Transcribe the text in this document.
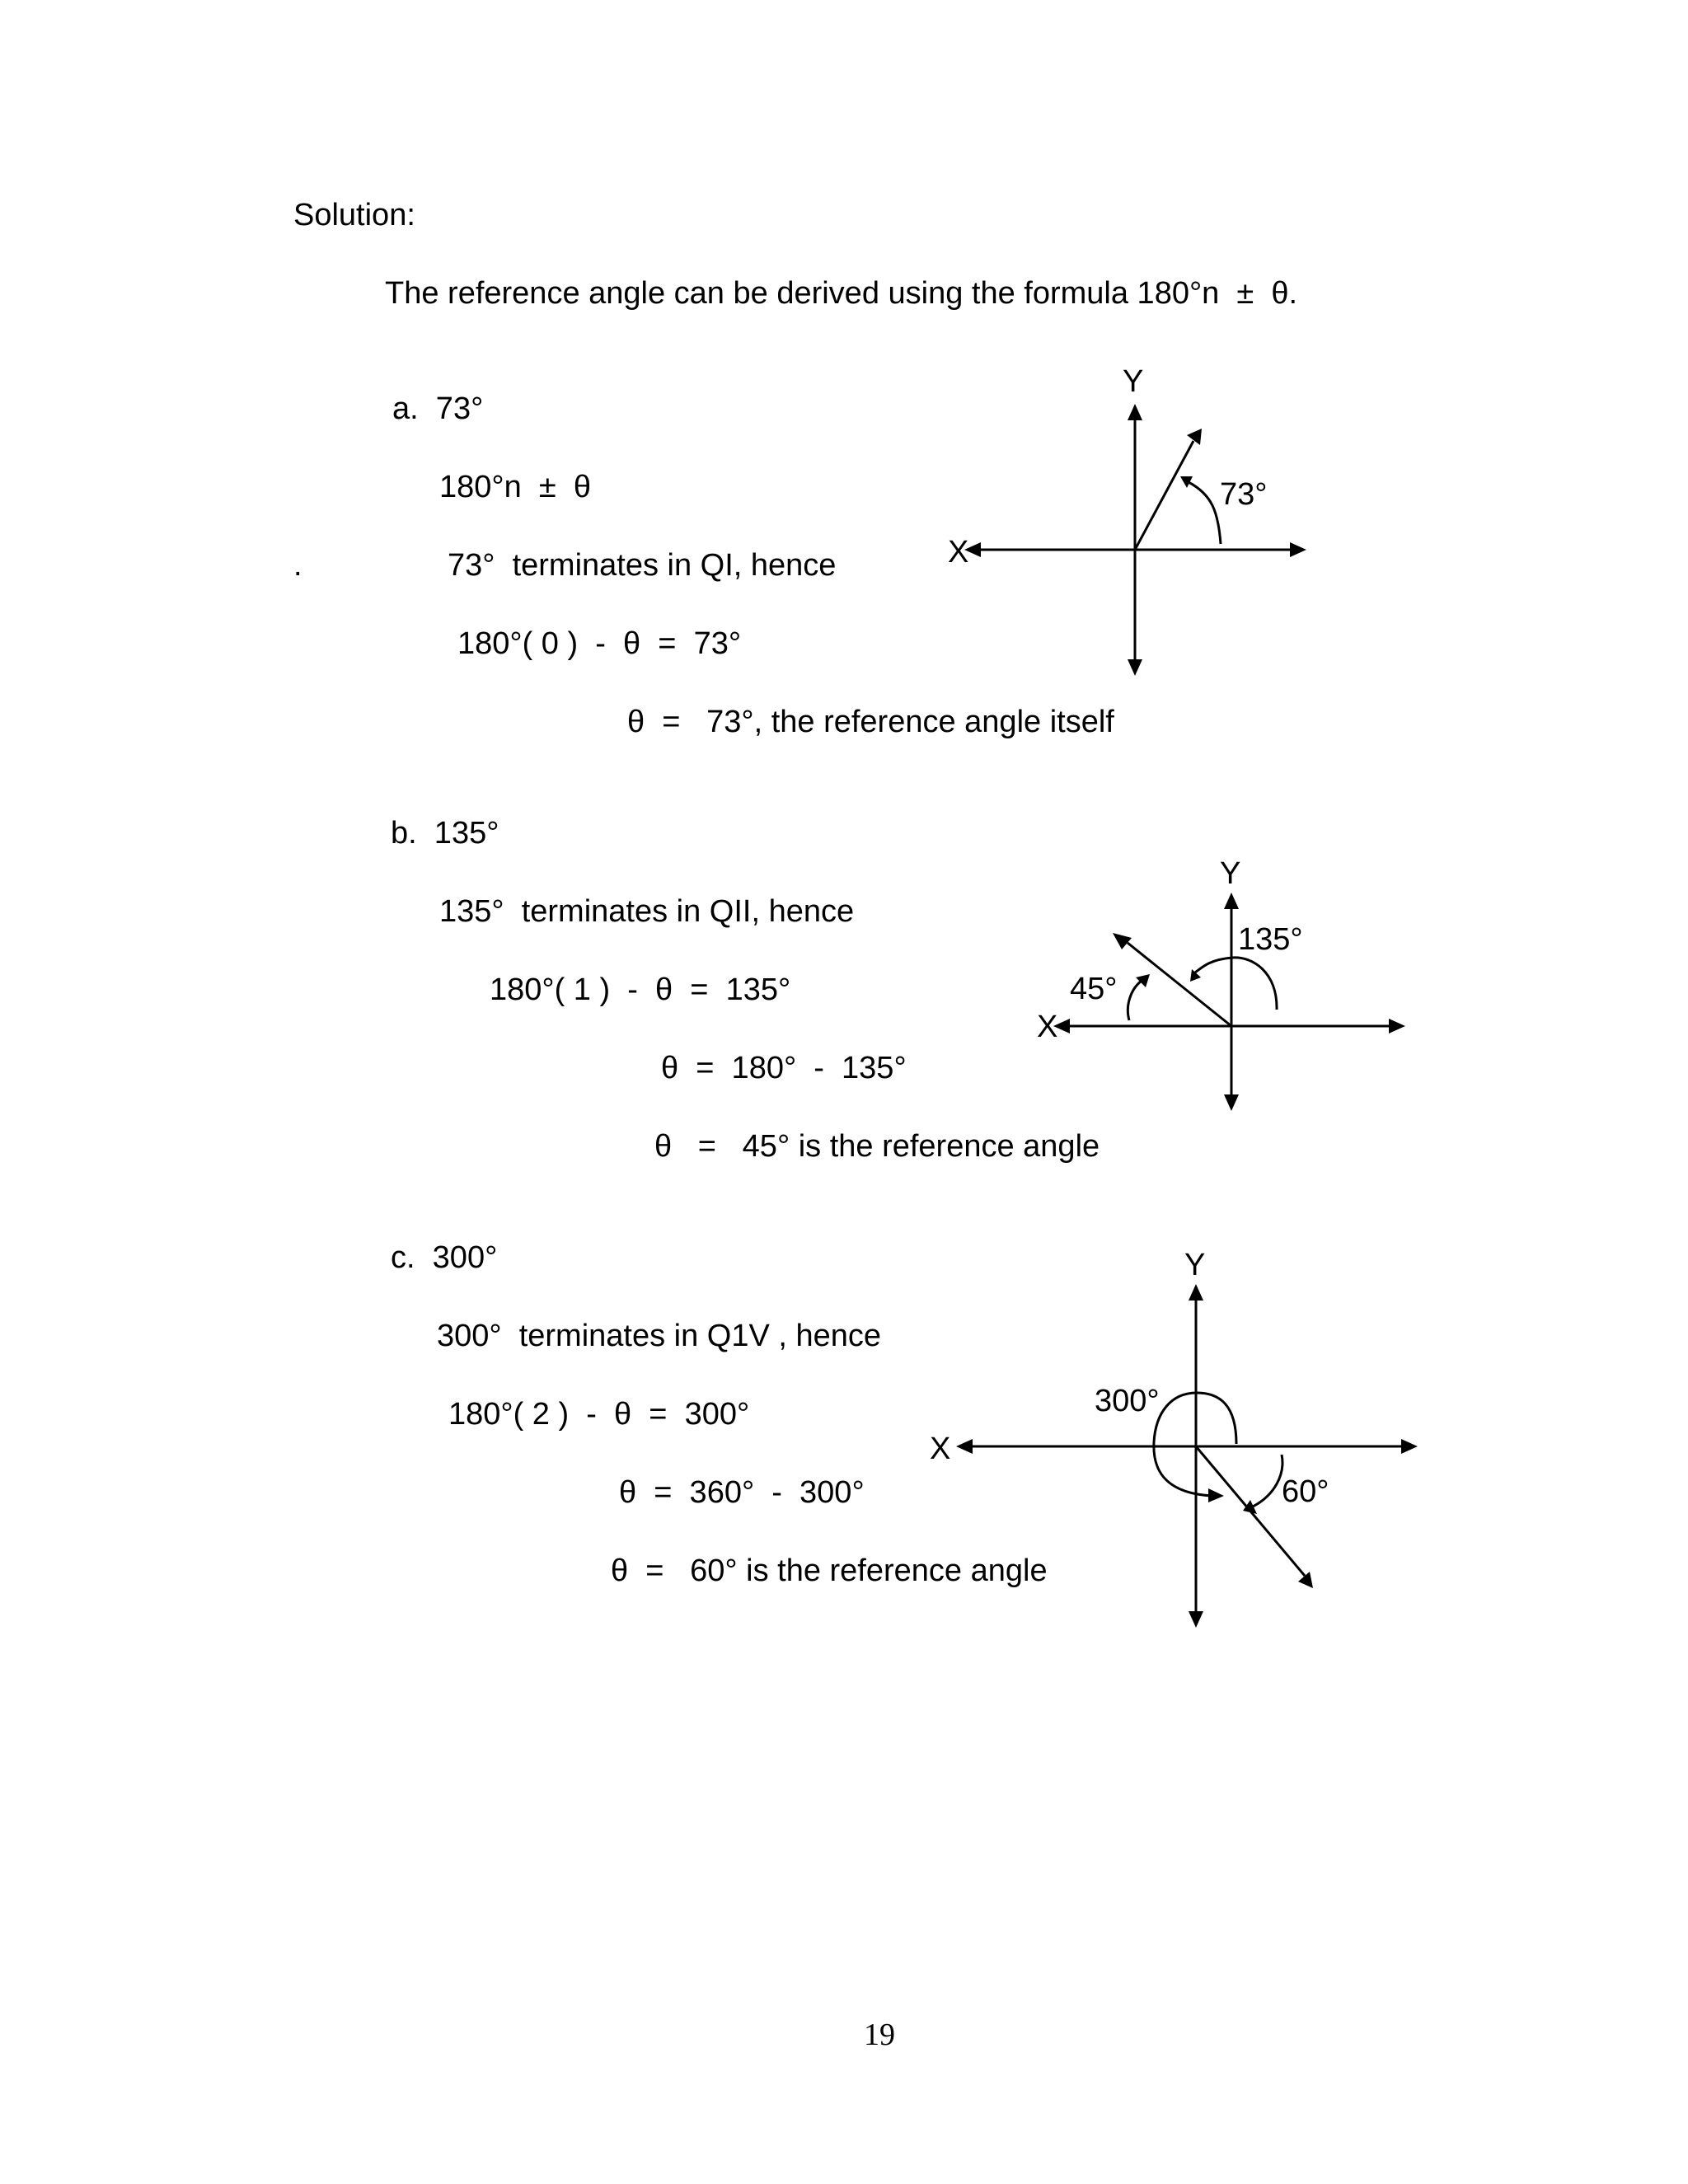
Solution:
The reference angle can be derived using the formula 180°n  ±  θ.
a.  73°
180°n  ±  θ
.	73°  terminates in QI, hence
180°( 0 )  -  θ  =  73°
θ  =   73°, the reference angle itself
X
Y
73°
b.  135°
135°  terminates in QII, hence
180°( 1 )  -  θ  =  135°
θ  =  180°  -  135°
θ   =   45° is the reference angle
X
Y
135°
45°
c.  300°
300°  terminates in Q1V , hence
180°( 2 )  -  θ  =  300°
θ  =  360°  -  300°
θ  =   60° is the reference angle
X
Y
300°
60°
19
